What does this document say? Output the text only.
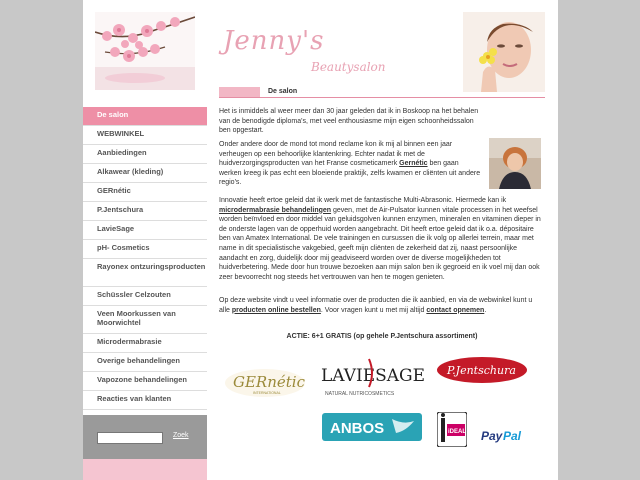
Jenny's
Beautysalon
De salon
WEBWINKEL
Aanbiedingen
Alkawear (kleding)
GERnétic
P.Jentschura
LavieSage
pH- Cosmetics
Rayonex ontzuringsproducten
Schüssler Celzouten
Veen Moorkussen van Moorwichtel
Microdermabrasie
Overige behandelingen
Vapozone behandelingen
Reacties van klanten
Zoek
De salon
Het is inmiddels al weer meer dan 30 jaar geleden dat ik in Boskoop na het behalen van de benodigde diploma's, met veel enthousiasme mijn eigen schoonheidssalon ben opgestart.
Onder andere door de mond tot mond reclame kon ik mij al binnen een jaar verheugen op een behoorlijke klantenkring. Echter nadat ik met de huidverzorgingsproducten van het Franse cosmeticamerk Gernétic ben gaan werken kreeg ik pas echt een bloeiende praktijk, zelfs kwamen er cliënten uit andere regio's.
Innovatie heeft ertoe geleid dat ik werk met de fantastische Multi-Abrasonic. Hiermede kan ik microdermabrasie behandelingen geven, met de Air-Pulsator kunnen vitale processen in het weefsel worden beïnvloed en door middel van geluidsgolven kunnen enzymen, mineralen en vitaminen dieper in de onderste lagen van de opperhuid worden aangebracht. Dit heeft ertoe geleid dat ik o.a. dépositaire ben van Amatex International. De vele trainingen en cursussen die ik volg op allerlei terrein, maar met name in dit specialistische vakgebied, geeft mijn cliënten de zekerheid dat zij, naast persoonlijke aandacht en zorg, duidelijk door mij geadviseerd worden over de diverse mogelijkheden tot huidverbetering. Mede door hun trouwe bezoeken aan mijn salon ben ik gegroeid en ik voel mij dan ook zeer bevoorrecht nog steeds het vertrouwen van hen te mogen genieten.
Op deze website vindt u veel informatie over de producten die ik aanbied, en via de webwinkel kunt u alle producten online bestellen. Voor vragen kunt u met mij altijd contact opnemen.
ACTIE: 6+1 GRATIS (op gehele P.Jentschura assortiment)
GERnétic
INTERNATIONAL
LAVIESAGE
NATURAL NUTRICOSMETICS
P.Jentschura
ANBOS	iDEAL Pay Pal
